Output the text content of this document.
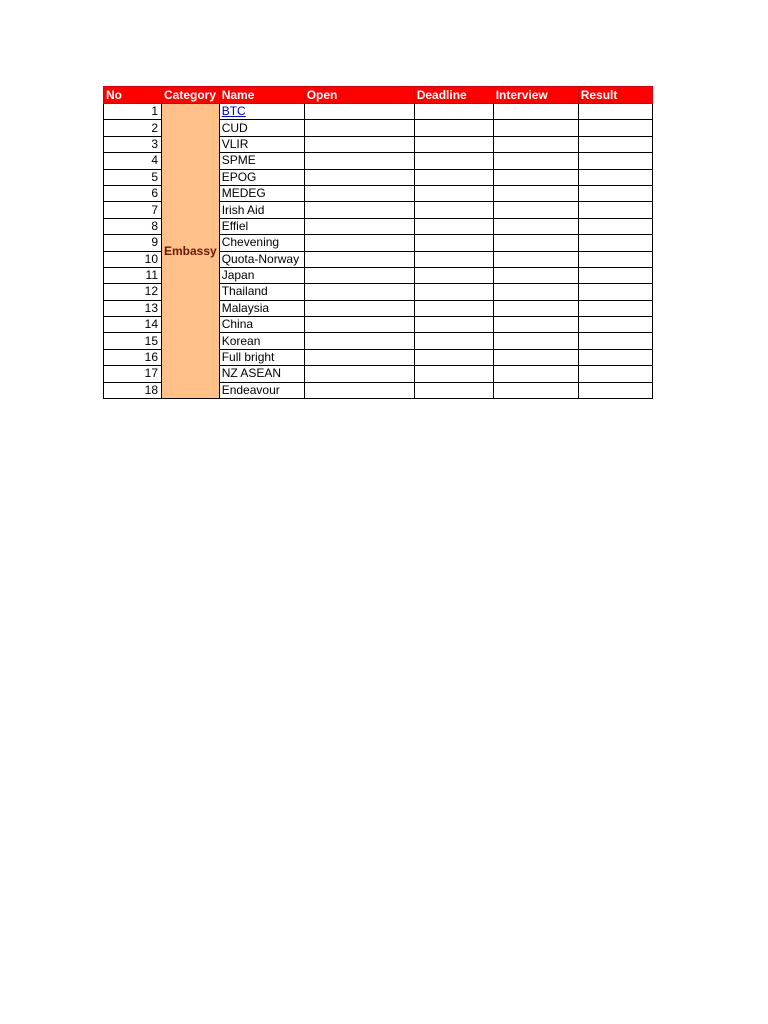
No	Category	Name	Open	Deadline	Interview	Result
1	Embassy	BTC				
2		CUD				
3		VLIR				
4		SPME				
5		EPOG				
6		MEDEG				
7		Irish Aid				
8		Effiel				
9		Chevening				
10		Quota-Norway				
11		Japan				
12		Thailand				
13		Malaysia				
14		China				
15		Korean				
16		Full bright				
17		NZ ASEAN				
18		Endeavour				
